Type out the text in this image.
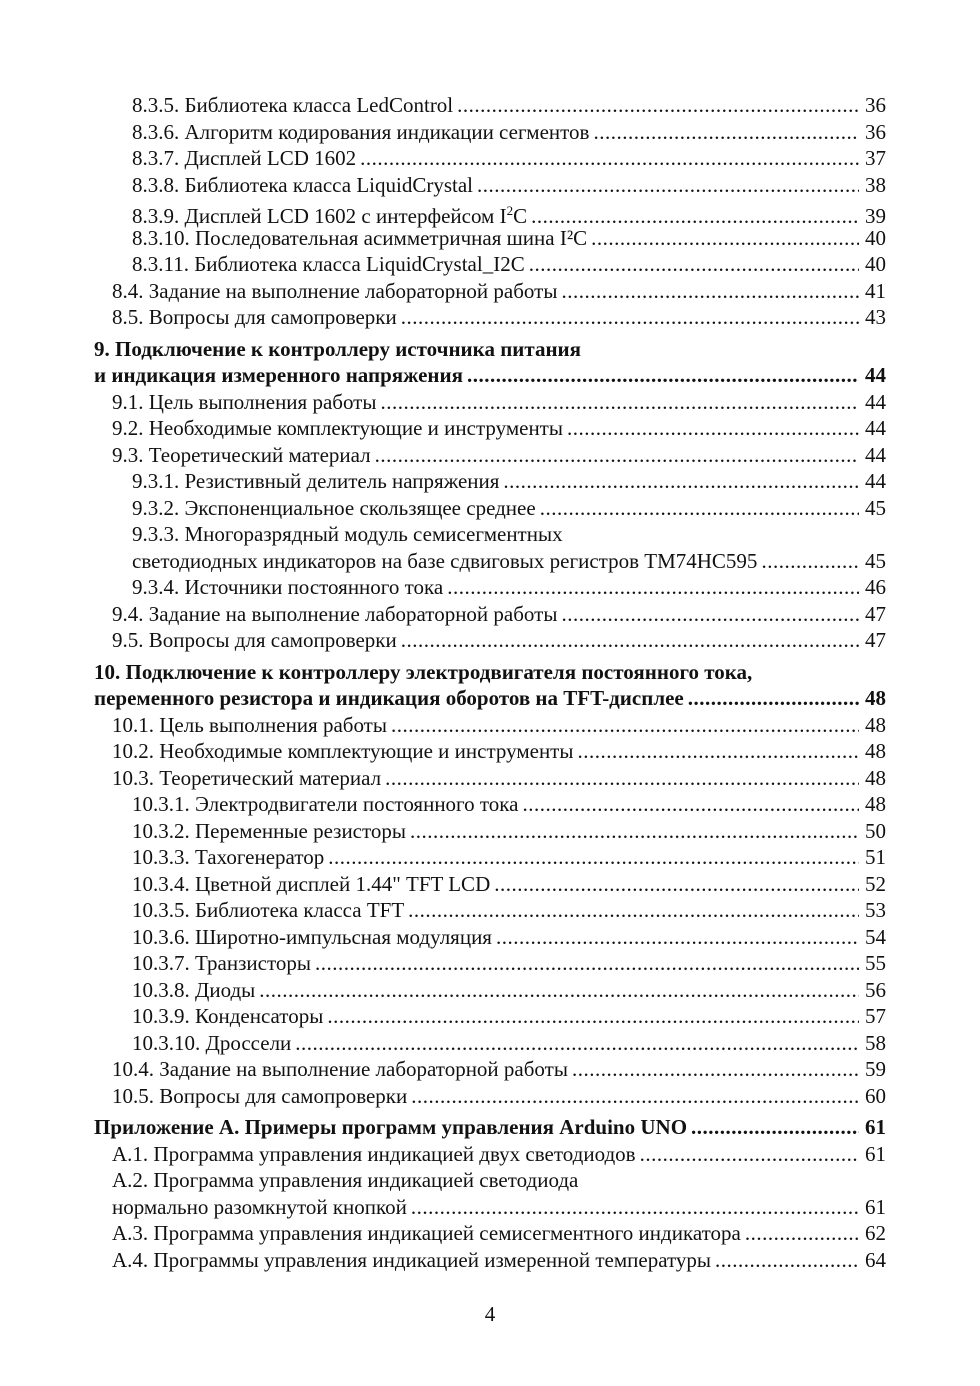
8.3.5. Библиотека класса LedControl .....	36
8.3.6. Алгоритм кодирования индикации сегментов .....	36
8.3.7. Дисплей LCD 1602 .....	37
8.3.8. Библиотека класса LiquidCrystal .....	38
8.3.9. Дисплей LCD 1602 с интерфейсом $I^2C$ .....	39
8.3.10. Последовательная асимметричная шина I²C .....	40
8.3.11. Библиотека класса LiquidCrystal_I2C .....	40
8.4. Задание на выполнение лабораторной работы .....	41
8.5. Вопросы для самопроверки .....	43
9. Подключение к контроллеру источника питания
и индикация измеренного напряжения .....	44
9.1. Цель выполнения работы .....	44
9.2. Необходимые комплектующие и инструменты .....	44
9.3. Теоретический материал .....	44
9.3.1. Резистивный делитель напряжения .....	44
9.3.2. Экспоненциальное скользящее среднее .....	45
9.3.3. Многоразрядный модуль семисегментных
светодиодных индикаторов на базе сдвиговых регистров TM74HC595 .....	45
9.3.4. Источники постоянного тока .....	46
9.4. Задание на выполнение лабораторной работы .....	47
9.5. Вопросы для самопроверки .....	47
10. Подключение к контроллеру электродвигателя постоянного тока,
переменного резистора и индикация оборотов на TFT-дисплее .....	48
10.1. Цель выполнения работы .....	48
10.2. Необходимые комплектующие и инструменты .....	48
10.3. Теоретический материал .....	48
10.3.1. Электродвигатели постоянного тока .....	48
10.3.2. Переменные резисторы .....	50
10.3.3. Тахогенератор .....	51
10.3.4. Цветной дисплей 1.44" TFT LCD .....	52
10.3.5. Библиотека класса TFT .....	53
10.3.6. Широтно-импульсная модуляция .....	54
10.3.7. Транзисторы .....	55
10.3.8. Диоды .....	56
10.3.9. Конденсаторы .....	57
10.3.10. Дроссели .....	58
10.4. Задание на выполнение лабораторной работы .....	59
10.5. Вопросы для самопроверки .....	60
Приложение А. Примеры программ управления Arduino UNO .....	61
А.1. Программа управления индикацией двух светодиодов .....	61
А.2. Программа управления индикацией светодиода
нормально разомкнутой кнопкой .....	61
А.3. Программа управления индикацией семисегментного индикатора .....	62
А.4. Программы управления индикацией измеренной температуры .....	64
4
